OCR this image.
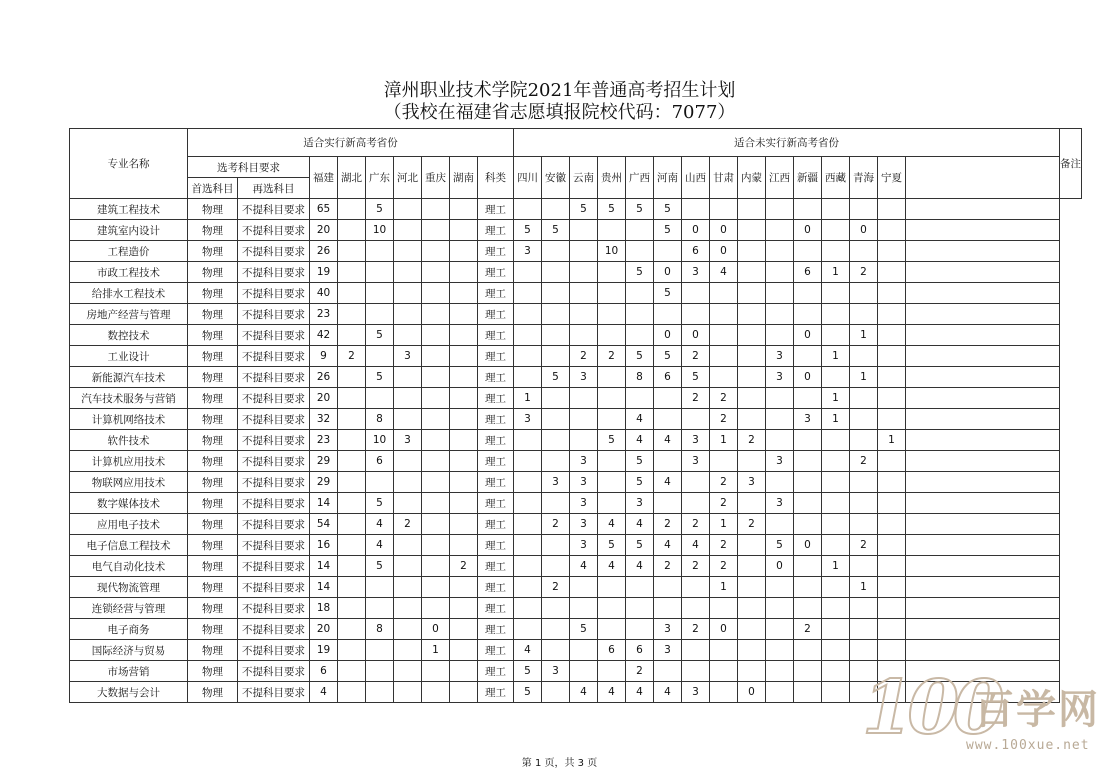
漳州职业技术学院2021年普通高考招生计划
（我校在福建省志愿填报院校代码：7077）
专业名称	适合实行新高考省份									适合未实行新高考省份															备注
	选考科目要求		福建	湖北	广东	河北	重庆	湖南	科类	四川	安徽	云南	贵州	广西	河南	山西	甘肃	内蒙	江西	新疆	西藏	青海	宁夏		
	首选科目	再选科目																							
建筑工程技术	物理	不提科目要求	65		5				理工			5	5	5	5										
建筑室内设计	物理	不提科目要求	20		10				理工	5	5				5	0	0			0		0			
工程造价	物理	不提科目要求	26						理工	3			10			6	0								
市政工程技术	物理	不提科目要求	19						理工					5	0	3	4			6	1	2			
给排水工程技术	物理	不提科目要求	40						理工						5										
房地产经营与管理	物理	不提科目要求	23						理工																
数控技术	物理	不提科目要求	42		5				理工						0	0				0		1			
工业设计	物理	不提科目要求	9	2		3			理工			2	2	5	5	2			3		1				
新能源汽车技术	物理	不提科目要求	26		5				理工		5	3		8	6	5			3	0		1			
汽车技术服务与营销	物理	不提科目要求	20						理工	1						2	2				1				
计算机网络技术	物理	不提科目要求	32		8				理工	3				4			2			3	1				
软件技术	物理	不提科目要求	23		10	3			理工				5	4	4	3	1	2					1		
计算机应用技术	物理	不提科目要求	29		6				理工			3		5		3			3			2			
物联网应用技术	物理	不提科目要求	29						理工		3	3		5	4		2	3							
数字媒体技术	物理	不提科目要求	14		5				理工			3		3			2		3						
应用电子技术	物理	不提科目要求	54		4	2			理工		2	3	4	4	2	2	1	2							
电子信息工程技术	物理	不提科目要求	16		4				理工			3	5	5	4	4	2		5	0		2			
电气自动化技术	物理	不提科目要求	14		5			2	理工			4	4	4	2	2	2		0		1				
现代物流管理	物理	不提科目要求	14						理工		2						1					1			
连锁经营与管理	物理	不提科目要求	18						理工																
电子商务	物理	不提科目要求	20		8		0		理工			5			3	2	0			2					
国际经济与贸易	物理	不提科目要求	19				1		理工	4			6	6	3										
市场营销	物理	不提科目要求	6						理工	5	3			2											
大数据与会计	物理	不提科目要求	4						理工	5		4	4	4	4	3		0							
第 1 页，共 3 页
100
百学网
www.100xue.net
